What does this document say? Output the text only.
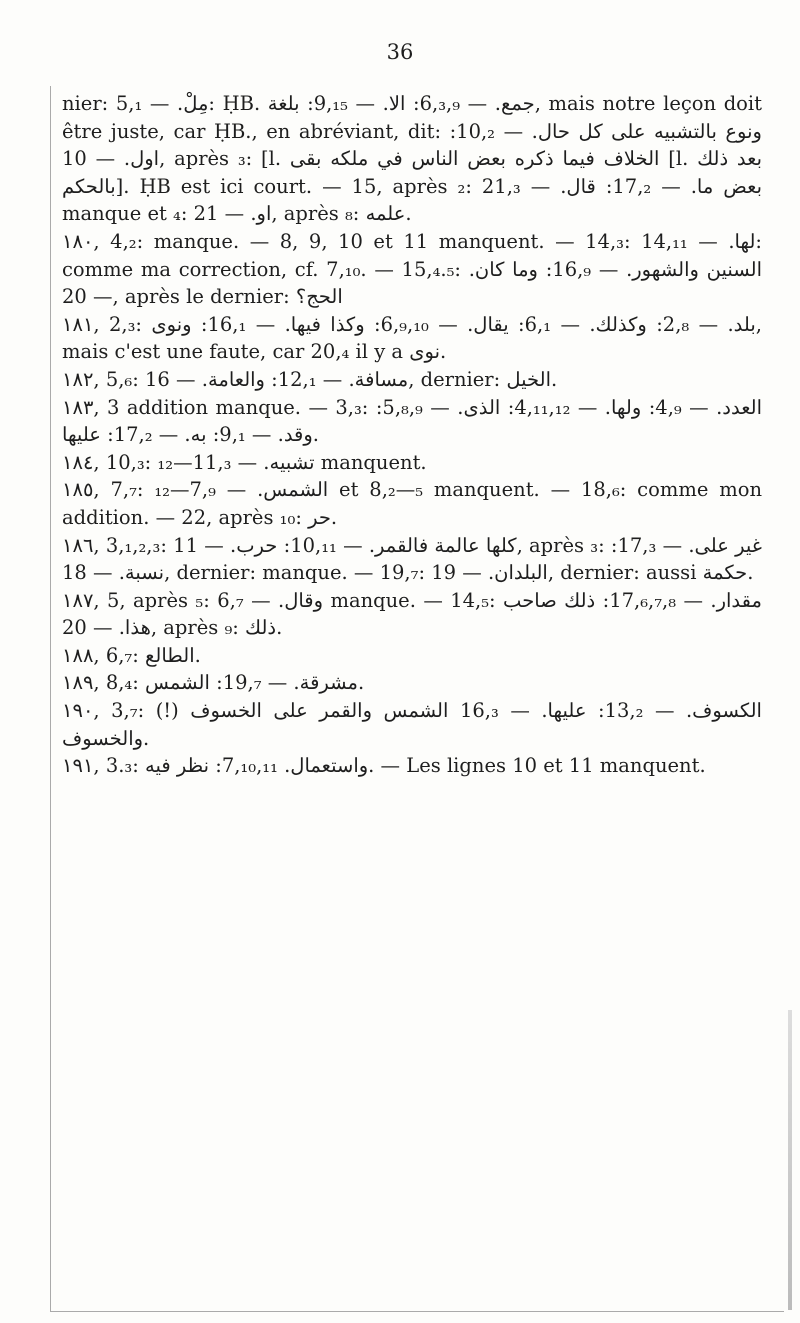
36

nier: مِلْ. — 5,₁: ḤB. جمع. — 6,₃,₉: الا. — 9,₁₅: بلغة, mais notre leçon doit être juste, car ḤB., en abréviant, dit: ونوع بالتشبيه على كل حال. — 10,₂: اول. — 10, après ₃: [l. الخلاف فيما ذكره بعض الناس في ملكه بقى [l. بعد ذلك بالحكم]. ḤB est ici court. — 15, après ₂: بعض ما. — 17,₂: قال. — 21,₃ manque et ₄: او. — 21, après ₈: علمه.

١٨٠, 4,₂: manque. — 8, 9, 10 et 11 manquent. — 14,₃: لها. — 14,₁₁: comme ma correction, cf. 7,₁₀. — 15,₄.₅: السنين والشهور. — 16,₉: وما كان. — 20, après le dernier: الحج؟

١٨١, 2,₃: بلد. — 2,₈: وكذلك. — 6,₁: يقال. — 6,₉,₁₀: وكذا فيها. — 16,₁: ونوى, mais c'est une faute, car 20,₄ il y a نوى.

١٨٢, 5,₆: مسافة. — 12,₁: والعامة. — 16, dernier: الخيل.

١٨٣, 3 addition manque. — 3,₃: العدد. — 4,₉: ولها. — 4,₁₁,₁₂: الذى. — 5,₈,₉: وقد. — 9,₁: به. — 17,₂: عليها.

١٨٤, 10,₃: تشبيه. — 11,₃—₁₂ manquent.

١٨٥, 7,₇: الشمس. — 7,₉—₁₂ et 8,₂—₅ manquent. — 18,₆: comme mon addition. — 22, après ₁₀: حر.

١٨٦, 3,₁,₂,₃: كلها عالمة فالقمر. — 10,₁₁: حرب. — 11, après ₃: غير على. — 17,₃: نسبة. — 18, dernier: manque. — 19,₇: البلدان. — 19, dernier: aussi حكمة.

١٨٧, 5, après ₅: وقال. — 6,₇ manque. — 14,₅: مقدار. — 17,₆,₇,₈: ذلك صاحب هذا. — 20, après ₉: ذلك.

١٨٨, 6,₇: الطالع.

١٨٩, 8,₄: مشرقة. — 19,₇: الشمس.

١٩٠, 3,₇: الكسوف. — 13,₂: عليها. — 16,₃ الشمس والقمر على الخسوف (!) والخسوف.

١٩١, 3.₃: واستعمال. 7,₁₀,₁₁: نظر فيه. — Les lignes 10 et 11 manquent.
